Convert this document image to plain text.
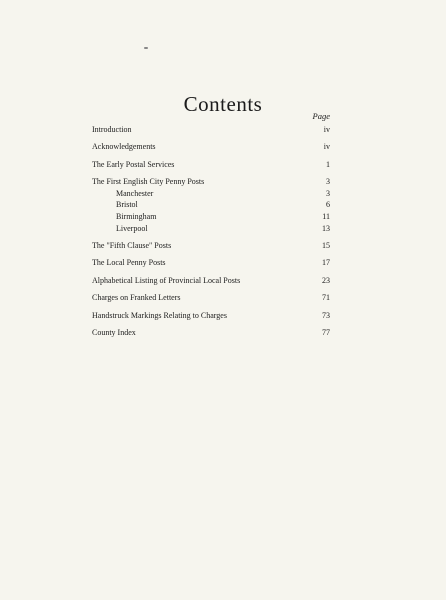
Contents	Page
Introduction	iv
Acknowledgements	iv
The Early Postal Services	1
The First English City Penny Posts	3
Manchester	3
Bristol	6
Birmingham	11
Liverpool	13
The "Fifth Clause" Posts	15
The Local Penny Posts	17
Alphabetical Listing of Provincial Local Posts	23
Charges on Franked Letters	71
Handstruck Markings Relating to Charges	73
County Index	77
